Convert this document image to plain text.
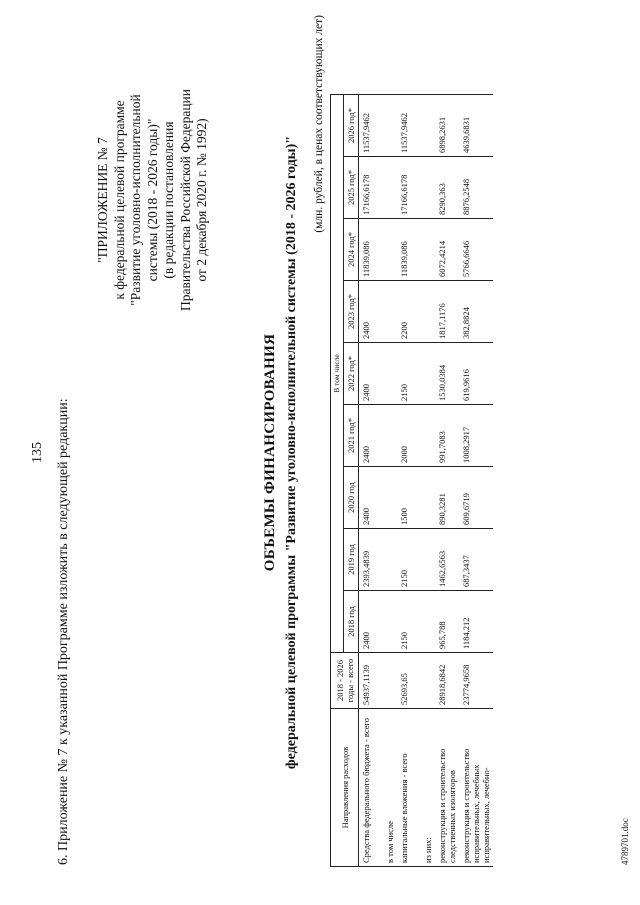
135 6. Приложение № 7 к указанной Программе изложить в следующей редакции:
"ПРИЛОЖЕНИЕ № 7 к федеральной целевой программе "Развитие уголовно-исполнительной системы (2018 - 2026 годы)" (в редакции постановления Правительства Российской Федерации от 2 декабря 2020 г. № 1992)
ОБЪЕМЫ ФИНАНСИРОВАНИЯ федеральной целевой программы "Развитие уголовно-исполнительной системы (2018 - 2026 годы)"
(млн. рублей, в ценах соответствующих лет)
Направления расходов	2018 - 2026 годы - всего	В том числе								
		2018 год	2019 год	2020 год	2021 год*	2022 год*	2023 год*	2024 год*	2025 год*	2026 год*
Средства федерального бюджета - всего	54937,1139	2400	2393,4839	2400	2400	2400	2400	11839,086	17166,6178	11537,9462
в том числе										
капитальные вложения - всего	52693,65	2150	2150	1500	2000	2150	2200	11839,086	17166,6178	11537,9462
из них:										
реконструкция и строительство следственных изоляторов	28918,6842	965,788	1462,6563	890,3281	991,7083	1530,0384	1817,1176	6072,4214	8290,363	6898,2631
реконструкция и строительство исправительных, лечебных исправительных, лечебно-	23774,9658	1184,212	687,3437	609,6719	1008,2917	619,9616	382,8824	5766,6646	8876,2548	4639,6831
4789701.doc
